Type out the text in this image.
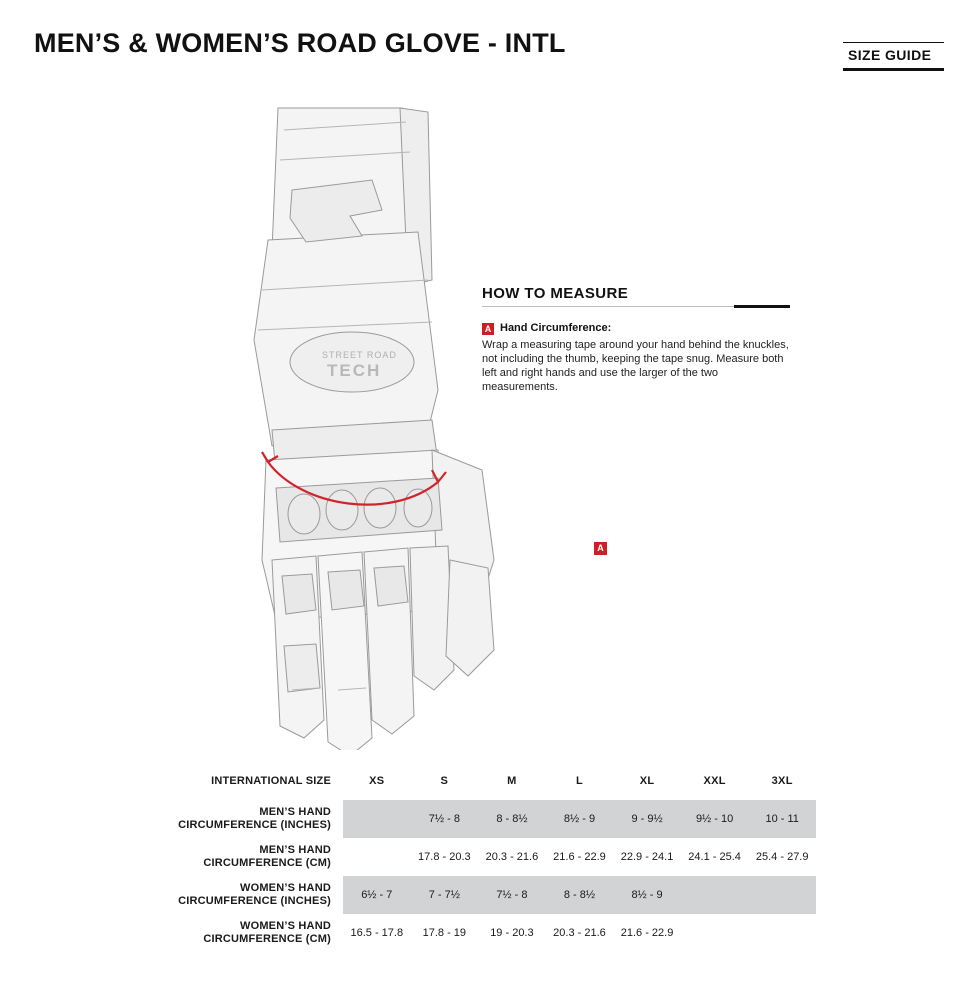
MEN’S & WOMEN’S ROAD GLOVE - INTL	SIZE GUIDE
STREET ROAD
TECH
A
HOW TO MEASURE
A Hand Circumference:
Wrap a measuring tape around your hand behind the knuckles, not including the thumb, keeping the tape snug. Measure both left and right hands and use the larger of the two measurements.
INTERNATIONAL SIZE	XS	S	M	L	XL	XXL	3XL

MEN’S HAND
CIRCUMFERENCE (INCHES)		7½ - 8	8 - 8½	8½ - 9	9 - 9½	9½ - 10	10 - 11

MEN’S HAND
CIRCUMFERENCE (CM)		17.8 - 20.3	20.3 - 21.6	21.6 - 22.9	22.9 - 24.1	24.1 - 25.4	25.4 - 27.9

WOMEN’S HAND
CIRCUMFERENCE (INCHES)	6½ - 7	7 - 7½	7½ - 8	8 - 8½	8½ - 9		

WOMEN’S HAND
CIRCUMFERENCE (CM)	16.5 - 17.8	17.8 - 19	19 - 20.3	20.3 - 21.6	21.6 - 22.9		
